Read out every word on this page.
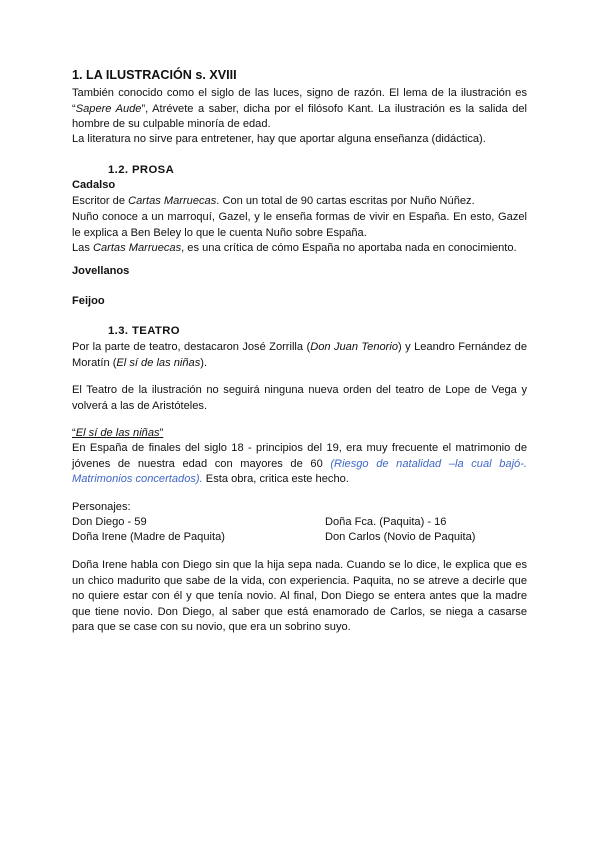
1. LA ILUSTRACIÓN s. XVIII
También conocido como el siglo de las luces, signo de razón. El lema de la ilustración es “Sapere Aude”, Atrévete a saber, dicha por el filósofo Kant. La ilustración es la salida del hombre de su culpable minoría de edad.
La literatura no sirve para entretener, hay que aportar alguna enseñanza (didáctica).
1.2. PROSA
Cadalso
Escritor de Cartas Marruecas. Con un total de 90 cartas escritas por Nuño Núñez.
Nuño conoce a un marroquí, Gazel, y le enseña formas de vivir en España. En esto, Gazel le explica a Ben Beley lo que le cuenta Nuño sobre España.
Las Cartas Marruecas, es una crítica de cómo España no aportaba nada en conocimiento.
Jovellanos
Feijoo
1.3. TEATRO
Por la parte de teatro, destacaron José Zorrilla (Don Juan Tenorio) y Leandro Fernández de Moratín (El sí de las niñas).
El Teatro de la ilustración no seguirá ninguna nueva orden del teatro de Lope de Vega y volverá a las de Aristóteles.
“El sí de las niñas”
En España de finales del siglo 18 - principios del 19, era muy frecuente el matrimonio de jóvenes de nuestra edad con mayores de 60 (Riesgo de natalidad –la cual bajó-. Matrimonios concertados). Esta obra, critica este hecho.
Personajes:
Don Diego - 59	Doña Fca. (Paquita) - 16
Doña Irene (Madre de Paquita)	Don Carlos (Novio de Paquita)
Doña Irene habla con Diego sin que la hija sepa nada. Cuando se lo dice, le explica que es un chico madurito que sabe de la vida, con experiencia. Paquita, no se atreve a decirle que no quiere estar con él y que tenía novio. Al final, Don Diego se entera antes que la madre que tiene novio. Don Diego, al saber que está enamorado de Carlos, se niega a casarse para que se case con su novio, que era un sobrino suyo.
